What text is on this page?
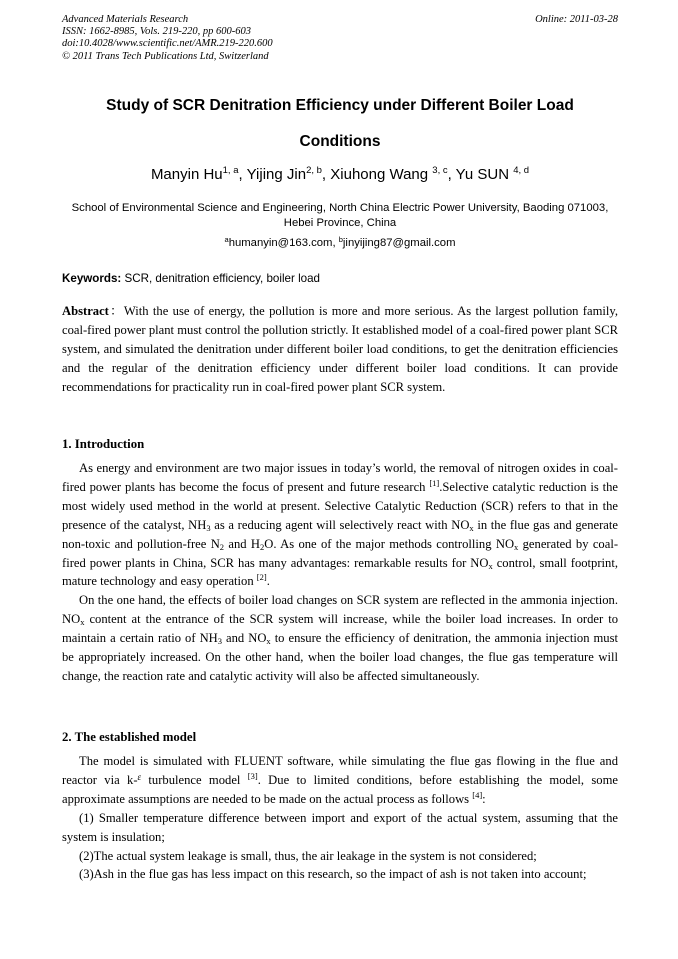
Advanced Materials Research
ISSN: 1662-8985, Vols. 219-220, pp 600-603
doi:10.4028/www.scientific.net/AMR.219-220.600
© 2011 Trans Tech Publications Ltd, Switzerland
Online: 2011-03-28
Study of SCR Denitration Efficiency under Different Boiler Load
Conditions
Manyin Hu$^{1, a}$, Yijing Jin$^{2, b}$, Xiuhong Wang $^{3, c}$, Yu SUN $^{4, d}$
School of Environmental Science and Engineering, North China Electric Power University, Baoding 071003, Hebei Province, China
$^a$humanyin@163.com, $^b$jinyijing87@gmail.com
Keywords: SCR, denitration efficiency, boiler load
Abstract：With the use of energy, the pollution is more and more serious. As the largest pollution family, coal-fired power plant must control the pollution strictly. It established model of a coal-fired power plant SCR system, and simulated the denitration under different boiler load conditions, to get the denitration efficiencies and the regular of the denitration efficiency under different boiler load conditions. It can provide recommendations for practicality run in coal-fired power plant SCR system.
1. Introduction

As energy and environment are two major issues in today’s world, the removal of nitrogen oxides in coal-fired power plants has become the focus of present and future research [1].Selective catalytic reduction is the most widely used method in the world at present. Selective Catalytic Reduction (SCR) refers to that in the presence of the catalyst, $NH_3$ as a reducing agent will selectively react with $NO_x$ in the flue gas and generate non-toxic and pollution-free $N_2$ and $H_2O$. As one of the major methods controlling $NO_x$ generated by coal-fired power plants in China, SCR has many advantages: remarkable results for $NO_x$ control, small footprint, mature technology and easy operation [2].

On the one hand, the effects of boiler load changes on SCR system are reflected in the ammonia injection. $NO_x$ content at the entrance of the SCR system will increase, while the boiler load increases. In order to maintain a certain ratio of $NH_3$ and $NO_x$ to ensure the efficiency of denitration, the ammonia injection must be appropriately increased. On the other hand, when the boiler load changes, the flue gas temperature will change, the reaction rate and catalytic activity will also be affected simultaneously.

2. The established model

The model is simulated with FLUENT software, while simulating the flue gas flowing in the flue and reactor via k-$^\varepsilon$ turbulence model [3]. Due to limited conditions, before establishing the model, some approximate assumptions are needed to be made on the actual process as follows [4]:

(1) Smaller temperature difference between import and export of the actual system, assuming that the system is insulation;

(2)The actual system leakage is small, thus, the air leakage in the system is not considered;

(3)Ash in the flue gas has less impact on this research, so the impact of ash is not taken into account;
